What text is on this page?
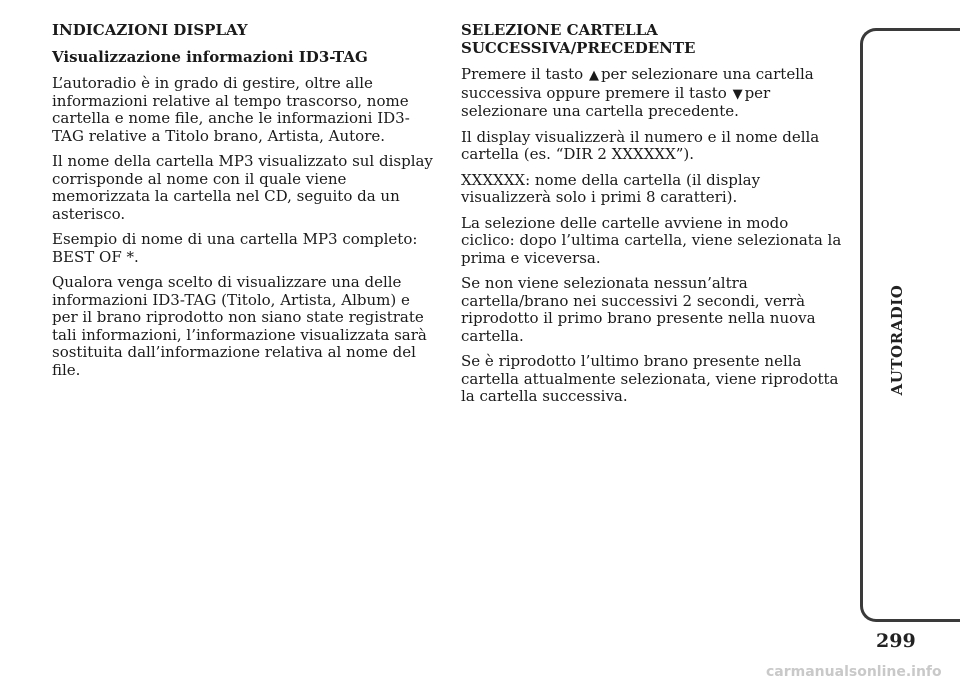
INDICAZIONI DISPLAY
Visualizzazione informazioni ID3-TAG

L’autoradio è in grado di gestire, oltre alle informazioni relative al tempo trascorso, nome cartella e nome file, anche le informazioni ID3-TAG relative a Titolo brano, Artista, Autore.

Il nome della cartella MP3 visualizzato sul display corrisponde al nome con il quale viene memorizzata la cartella nel CD, seguito da un asterisco.

Esempio di nome di una cartella MP3 completo: BEST OF *.

Qualora venga scelto di visualizzare una delle informazioni ID3-TAG (Titolo, Artista, Album) e per il brano riprodotto non siano state registrate tali informazioni, l’informazione visualizzata sarà sostituita dall’informazione relativa al nome del file.

SELEZIONE CARTELLA SUCCESSIVA/PRECEDENTE

Premere il tasto ▲ per selezionare una cartella successiva oppure premere il tasto ▼ per selezionare una cartella precedente.

Il display visualizzerà il numero e il nome della cartella (es. “DIR 2 XXXXXX”).

XXXXXX: nome della cartella (il display visualizzerà solo i primi 8 caratteri).

La selezione delle cartelle avviene in modo ciclico: dopo l’ultima cartella, viene selezionata la prima e viceversa.

Se non viene selezionata nessun’altra cartella/brano nei successivi 2 secondi, verrà riprodotto il primo brano presente nella nuova cartella.

Se è riprodotto l’ultimo brano presente nella cartella attualmente selezionata, viene riprodotta la cartella successiva.

AUTORADIO
299
carmanualsonline.info
